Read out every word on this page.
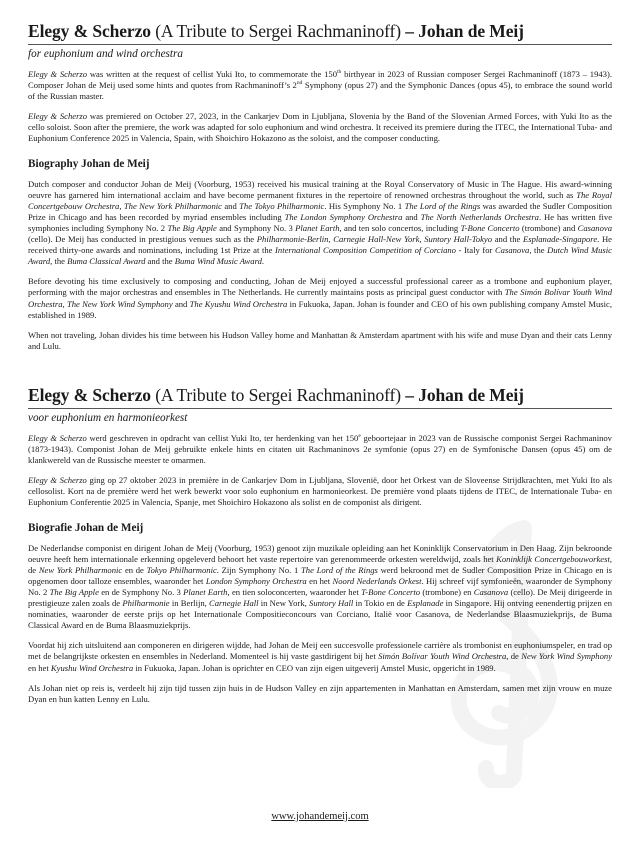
Elegy & Scherzo (A Tribute to Sergei Rachmaninoff) – Johan de Meij
for euphonium and wind orchestra

Elegy & Scherzo was written at the request of cellist Yuki Ito, to commemorate the 150th birthyear in 2023 of Russian composer Sergei Rachmaninoff (1873 – 1943). Composer Johan de Meij used some hints and quotes from Rachmaninoff’s 2nd Symphony (opus 27) and the Symphonic Dances (opus 45), to embrace the sound world of the Russian master.

Elegy & Scherzo was premiered on October 27, 2023, in the Cankarjev Dom in Ljubljana, Slovenia by the Band of the Slovenian Armed Forces, with Yuki Ito as the cello soloist. Soon after the premiere, the work was adapted for solo euphonium and wind orchestra. It received its premiere during the ITEC, the International Tuba- and Euphonium Conference 2025 in Valencia, Spain, with Shoichiro Hokazono as the soloist, and the composer conducting.

Biography Johan de Meij

Dutch composer and conductor Johan de Meij (Voorburg, 1953) received his musical training at the Royal Conservatory of Music in The Hague. His award-winning oeuvre has garnered him international acclaim and have become permanent fixtures in the repertoire of renowned orchestras throughout the world, such as The Royal Concertgebouw Orchestra, The New York Philharmonic and The Tokyo Philharmonic. His Symphony No. 1 The Lord of the Rings was awarded the Sudler Composition Prize in Chicago and has been recorded by myriad ensembles including The London Symphony Orchestra and The North Netherlands Orchestra. He has written five symphonies including Symphony No. 2 The Big Apple and Symphony No. 3 Planet Earth, and ten solo concertos, including T-Bone Concerto (trombone) and Casanova (cello). De Meij has conducted in prestigious venues such as the Philharmonie-Berlin, Carnegie Hall-New York, Suntory Hall-Tokyo and the Esplanade-Singapore. He received thirty-one awards and nominations, including 1st Prize at the International Composition Competition of Corciano - Italy for Casanova, the Dutch Wind Music Award, the Buma Classical Award and the Buma Wind Music Award.

Before devoting his time exclusively to composing and conducting, Johan de Meij enjoyed a successful professional career as a trombone and euphonium player, performing with the major orchestras and ensembles in The Netherlands. He currently maintains posts as principal guest conductor with The Simón Bolívar Youth Wind Orchestra, The New York Wind Symphony and The Kyushu Wind Orchestra in Fukuoka, Japan. Johan is founder and CEO of his own publishing company Amstel Music, established in 1989.

When not traveling, Johan divides his time between his Hudson Valley home and Manhattan & Amsterdam apartment with his wife and muse Dyan and their cats Lenny and Lulu.

Elegy & Scherzo (A Tribute to Sergei Rachmaninoff) – Johan de Meij
voor euphonium en harmonieorkest

Elegy & Scherzo werd geschreven in opdracht van cellist Yuki Ito, ter herdenking van het 150e geboortejaar in 2023 van de Russische componist Sergei Rachmaninov (1873-1943). Componist Johan de Meij gebruikte enkele hints en citaten uit Rachmaninovs 2e symfonie (opus 27) en de Symfonische Dansen (opus 45) om de klankwereld van de Russische meester te omarmen.

Elegy & Scherzo ging op 27 oktober 2023 in première in de Cankarjev Dom in Ljubljana, Slovenië, door het Orkest van de Sloveense Strijdkrachten, met Yuki Ito als cellosolist. Kort na de première werd het werk bewerkt voor solo euphonium en harmonieorkest. De première vond plaats tijdens de ITEC, de Internationale Tuba- en Euphonium Conferentie 2025 in Valencia, Spanje, met Shoichiro Hokazono als solist en de componist als dirigent.

Biografie Johan de Meij

De Nederlandse componist en dirigent Johan de Meij (Voorburg, 1953) genoot zijn muzikale opleiding aan het Koninklijk Conservatorium in Den Haag. Zijn bekroonde oeuvre heeft hem internationale erkenning opgeleverd behoort het vaste repertoire van gerenommeerde orkesten wereldwijd, zoals het Koninklijk Concertgebouworkest, de New York Philharmonic en de Tokyo Philharmonic. Zijn Symphony No. 1 The Lord of the Rings werd bekroond met de Sudler Composition Prize in Chicago en is opgenomen door talloze ensembles, waaronder het London Symphony Orchestra en het Noord Nederlands Orkest. Hij schreef vijf symfonieën, waaronder de Symphony No. 2 The Big Apple en de Symphony No. 3 Planet Earth, en tien soloconcerten, waaronder het T-Bone Concerto (trombone) en Casanova (cello). De Meij dirigeerde in prestigieuze zalen zoals de Philharmonie in Berlijn, Carnegie Hall in New York, Suntory Hall in Tokio en de Esplanade in Singapore. Hij ontving eenendertig prijzen en nominaties, waaronder de eerste prijs op het Internationale Compositieconcours van Corciano, Italië voor Casanova, de Nederlandse Blaasmuziekprijs, de Buma Classical Award en de Buma Blaasmuziekprijs.

Voordat hij zich uitsluitend aan componeren en dirigeren wijdde, had Johan de Meij een succesvolle professionele carrière als trombonist en euphoniumspeler, en trad op met de belangrijkste orkesten en ensembles in Nederland. Momenteel is hij vaste gastdirigent bij het Simón Bolívar Youth Wind Orchestra, de New York Wind Symphony en het Kyushu Wind Orchestra in Fukuoka, Japan. Johan is oprichter en CEO van zijn eigen uitgeverij Amstel Music, opgericht in 1989.

Als Johan niet op reis is, verdeelt hij zijn tijd tussen zijn huis in de Hudson Valley en zijn appartementen in Manhattan en Amsterdam, samen met zijn vrouw en muze Dyan en hun katten Lenny en Lulu.

www.johandemeij.com
